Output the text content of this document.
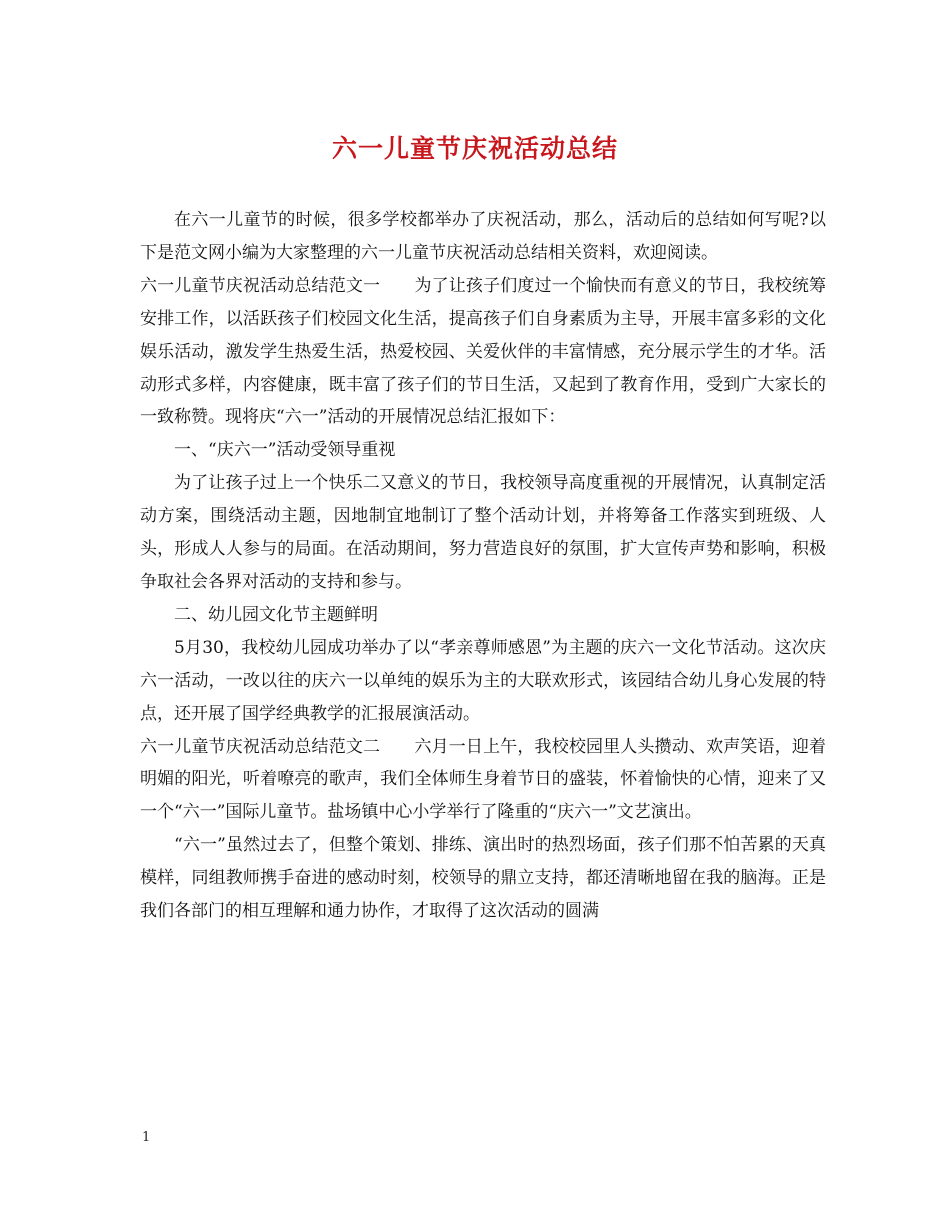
六一儿童节庆祝活动总结

在六一儿童节的时候，很多学校都举办了庆祝活动，那么，活动后的总结如何写呢?以下是范文网小编为大家整理的六一儿童节庆祝活动总结相关资料，欢迎阅读。

六一儿童节庆祝活动总结范文一　　为了让孩子们度过一个愉快而有意义的节日，我校统筹安排工作，以活跃孩子们校园文化生活，提高孩子们自身素质为主导，开展丰富多彩的文化娱乐活动，激发学生热爱生活，热爱校园、关爱伙伴的丰富情感，充分展示学生的才华。活动形式多样，内容健康，既丰富了孩子们的节日生活，又起到了教育作用，受到广大家长的一致称赞。现将庆“六一”活动的开展情况总结汇报如下：

一、“庆六一”活动受领导重视

为了让孩子过上一个快乐二又意义的节日，我校领导高度重视的开展情况，认真制定活动方案，围绕活动主题，因地制宜地制订了整个活动计划，并将筹备工作落实到班级、人头，形成人人参与的局面。在活动期间，努力营造良好的氛围，扩大宣传声势和影响，积极争取社会各界对活动的支持和参与。

二、幼儿园文化节主题鲜明

5月30，我校幼儿园成功举办了以“孝亲尊师感恩”为主题的庆六一文化节活动。这次庆六一活动，一改以往的庆六一以单纯的娱乐为主的大联欢形式，该园结合幼儿身心发展的特点，还开展了国学经典教学的汇报展演活动。

六一儿童节庆祝活动总结范文二　　六月一日上午，我校校园里人头攒动、欢声笑语，迎着明媚的阳光，听着嘹亮的歌声，我们全体师生身着节日的盛装，怀着愉快的心情，迎来了又一个“六一”国际儿童节。盐场镇中心小学举行了隆重的“庆六一”文艺演出。

“六一”虽然过去了，但整个策划、排练、演出时的热烈场面，孩子们那不怕苦累的天真模样，同组教师携手奋进的感动时刻，校领导的鼎立支持，都还清晰地留在我的脑海。正是我们各部门的相互理解和通力协作，才取得了这次活动的圆满

1
